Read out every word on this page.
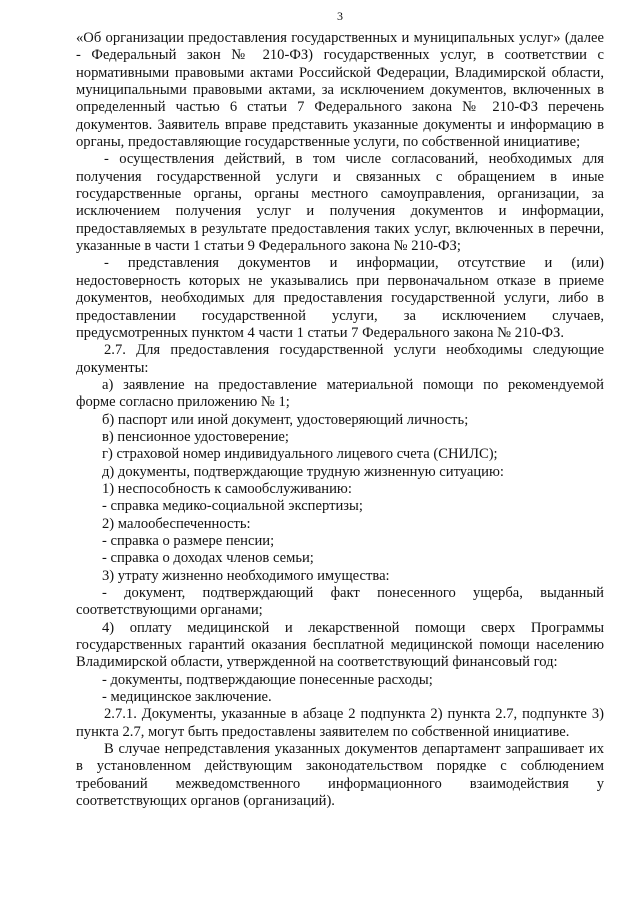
3

«Об организации предоставления государственных и муниципальных услуг» (далее - Федеральный закон № 210-ФЗ) государственных услуг, в соответствии с нормативными правовыми актами Российской Федерации, Владимирской области, муниципальными правовыми актами, за исключением документов, включенных в определенный частью 6 статьи 7 Федерального закона № 210-ФЗ перечень документов. Заявитель вправе представить указанные документы и информацию в органы, предоставляющие государственные услуги, по собственной инициативе;

- осуществления действий, в том числе согласований, необходимых для получения государственной услуги и связанных с обращением в иные государственные органы, органы местного самоуправления, организации, за исключением получения услуг и получения документов и информации, предоставляемых в результате предоставления таких услуг, включенных в перечни, указанные в части 1 статьи 9 Федерального закона № 210-ФЗ;

- представления документов и информации, отсутствие и (или) недостоверность которых не указывались при первоначальном отказе в приеме документов, необходимых для предоставления государственной услуги, либо в предоставлении государственной услуги, за исключением случаев, предусмотренных пунктом 4 части 1 статьи 7 Федерального закона № 210-ФЗ.

2.7. Для предоставления государственной услуги необходимы следующие документы:

а) заявление на предоставление материальной помощи по рекомендуемой форме согласно приложению № 1;

б) паспорт или иной документ, удостоверяющий личность;

в) пенсионное удостоверение;

г) страховой номер индивидуального лицевого счета (СНИЛС);

д) документы, подтверждающие трудную жизненную ситуацию:

1) неспособность к самообслуживанию:

- справка медико-социальной экспертизы;

2) малообеспеченность:

- справка о размере пенсии;

- справка о доходах членов семьи;

3) утрату жизненно необходимого имущества:

- документ, подтверждающий факт понесенного ущерба, выданный соответствующими органами;

4) оплату медицинской и лекарственной помощи сверх Программы государственных гарантий оказания бесплатной медицинской помощи населению Владимирской области, утвержденной на соответствующий финансовый год:

- документы, подтверждающие понесенные расходы;

- медицинское заключение.

2.7.1. Документы, указанные в абзаце 2 подпункта 2) пункта 2.7, подпункте 3) пункта 2.7, могут быть предоставлены заявителем по собственной инициативе.

В случае непредставления указанных документов департамент запрашивает их в установленном действующим законодательством порядке с соблюдением требований межведомственного информационного взаимодействия у соответствующих органов (организаций).
